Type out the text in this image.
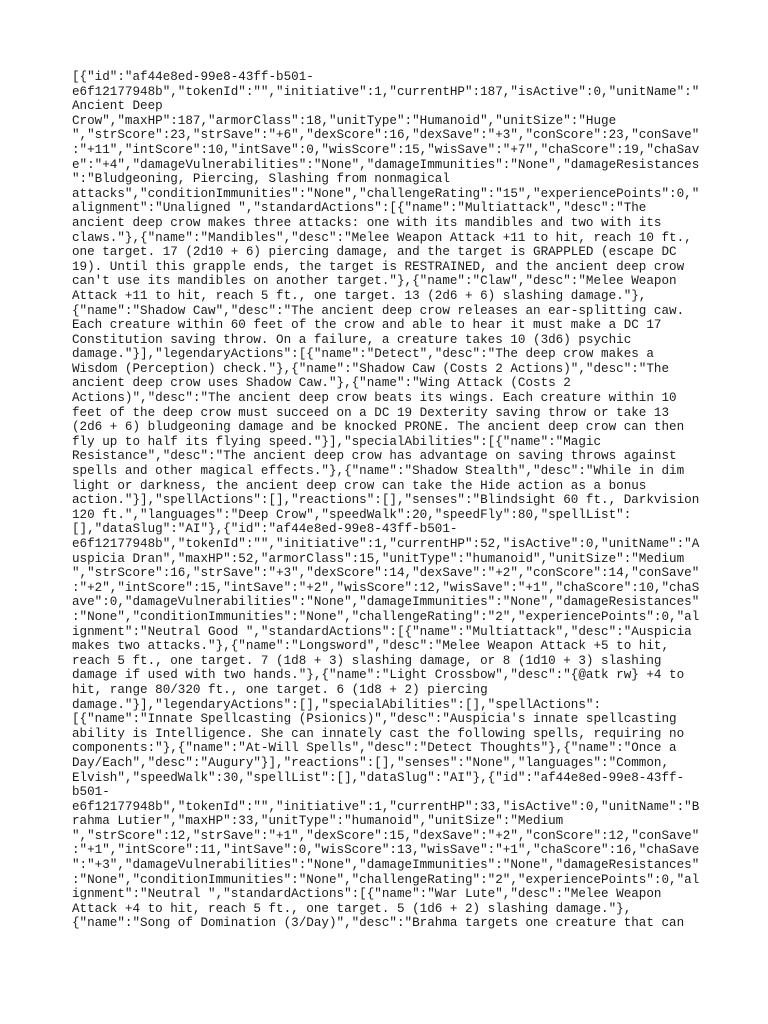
[{"id":"af44e8ed-99e8-43ff-b501-
e6f12177948b","tokenId":"","initiative":1,"currentHP":187,"isActive":0,"unitName":"
Ancient Deep
Crow","maxHP":187,"armorClass":18,"unitType":"Humanoid","unitSize":"Huge
","strScore":23,"strSave":"+6","dexScore":16,"dexSave":"+3","conScore":23,"conSave"
:"+11","intScore":10,"intSave":0,"wisScore":15,"wisSave":"+7","chaScore":19,"chaSav
e":"+4","damageVulnerabilities":"None","damageImmunities":"None","damageResistances
":"Bludgeoning, Piercing, Slashing from nonmagical
attacks","conditionImmunities":"None","challengeRating":"15","experiencePoints":0,"
alignment":"Unaligned ","standardActions":[{"name":"Multiattack","desc":"The
ancient deep crow makes three attacks: one with its mandibles and two with its
claws."},{"name":"Mandibles","desc":"Melee Weapon Attack +11 to hit, reach 10 ft.,
one target. 17 (2d10 + 6) piercing damage, and the target is GRAPPLED (escape DC
19). Until this grapple ends, the target is RESTRAINED, and the ancient deep crow
can't use its mandibles on another target."},{"name":"Claw","desc":"Melee Weapon
Attack +11 to hit, reach 5 ft., one target. 13 (2d6 + 6) slashing damage."},
{"name":"Shadow Caw","desc":"The ancient deep crow releases an ear-splitting caw.
Each creature within 60 feet of the crow and able to hear it must make a DC 17
Constitution saving throw. On a failure, a creature takes 10 (3d6) psychic
damage."}],"legendaryActions":[{"name":"Detect","desc":"The deep crow makes a
Wisdom (Perception) check."},{"name":"Shadow Caw (Costs 2 Actions)","desc":"The
ancient deep crow uses Shadow Caw."},{"name":"Wing Attack (Costs 2
Actions)","desc":"The ancient deep crow beats its wings. Each creature within 10
feet of the deep crow must succeed on a DC 19 Dexterity saving throw or take 13
(2d6 + 6) bludgeoning damage and be knocked PRONE. The ancient deep crow can then
fly up to half its flying speed."}],"specialAbilities":[{"name":"Magic
Resistance","desc":"The ancient deep crow has advantage on saving throws against
spells and other magical effects."},{"name":"Shadow Stealth","desc":"While in dim
light or darkness, the ancient deep crow can take the Hide action as a bonus
action."}],"spellActions":[],"reactions":[],"senses":"Blindsight 60 ft., Darkvision
120 ft.","languages":"Deep Crow","speedWalk":20,"speedFly":80,"spellList":
[],"dataSlug":"AI"},{"id":"af44e8ed-99e8-43ff-b501-
e6f12177948b","tokenId":"","initiative":1,"currentHP":52,"isActive":0,"unitName":"A
uspicia Dran","maxHP":52,"armorClass":15,"unitType":"humanoid","unitSize":"Medium
","strScore":16,"strSave":"+3","dexScore":14,"dexSave":"+2","conScore":14,"conSave"
:"+2","intScore":15,"intSave":"+2","wisScore":12,"wisSave":"+1","chaScore":10,"chaS
ave":0,"damageVulnerabilities":"None","damageImmunities":"None","damageResistances"
:"None","conditionImmunities":"None","challengeRating":"2","experiencePoints":0,"al
ignment":"Neutral Good ","standardActions":[{"name":"Multiattack","desc":"Auspicia
makes two attacks."},{"name":"Longsword","desc":"Melee Weapon Attack +5 to hit,
reach 5 ft., one target. 7 (1d8 + 3) slashing damage, or 8 (1d10 + 3) slashing
damage if used with two hands."},{"name":"Light Crossbow","desc":"{@atk rw} +4 to
hit, range 80/320 ft., one target. 6 (1d8 + 2) piercing
damage."}],"legendaryActions":[],"specialAbilities":[],"spellActions":
[{"name":"Innate Spellcasting (Psionics)","desc":"Auspicia's innate spellcasting
ability is Intelligence. She can innately cast the following spells, requiring no
components:"},{"name":"At-Will Spells","desc":"Detect Thoughts"},{"name":"Once a
Day/Each","desc":"Augury"}],"reactions":[],"senses":"None","languages":"Common,
Elvish","speedWalk":30,"spellList":[],"dataSlug":"AI"},{"id":"af44e8ed-99e8-43ff-
b501-
e6f12177948b","tokenId":"","initiative":1,"currentHP":33,"isActive":0,"unitName":"B
rahma Lutier","maxHP":33,"unitType":"humanoid","unitSize":"Medium
","strScore":12,"strSave":"+1","dexScore":15,"dexSave":"+2","conScore":12,"conSave"
:"+1","intScore":11,"intSave":0,"wisScore":13,"wisSave":"+1","chaScore":16,"chaSave
":"+3","damageVulnerabilities":"None","damageImmunities":"None","damageResistances"
:"None","conditionImmunities":"None","challengeRating":"2","experiencePoints":0,"al
ignment":"Neutral ","standardActions":[{"name":"War Lute","desc":"Melee Weapon
Attack +4 to hit, reach 5 ft., one target. 5 (1d6 + 2) slashing damage."},
{"name":"Song of Domination (3/Day)","desc":"Brahma targets one creature that can
